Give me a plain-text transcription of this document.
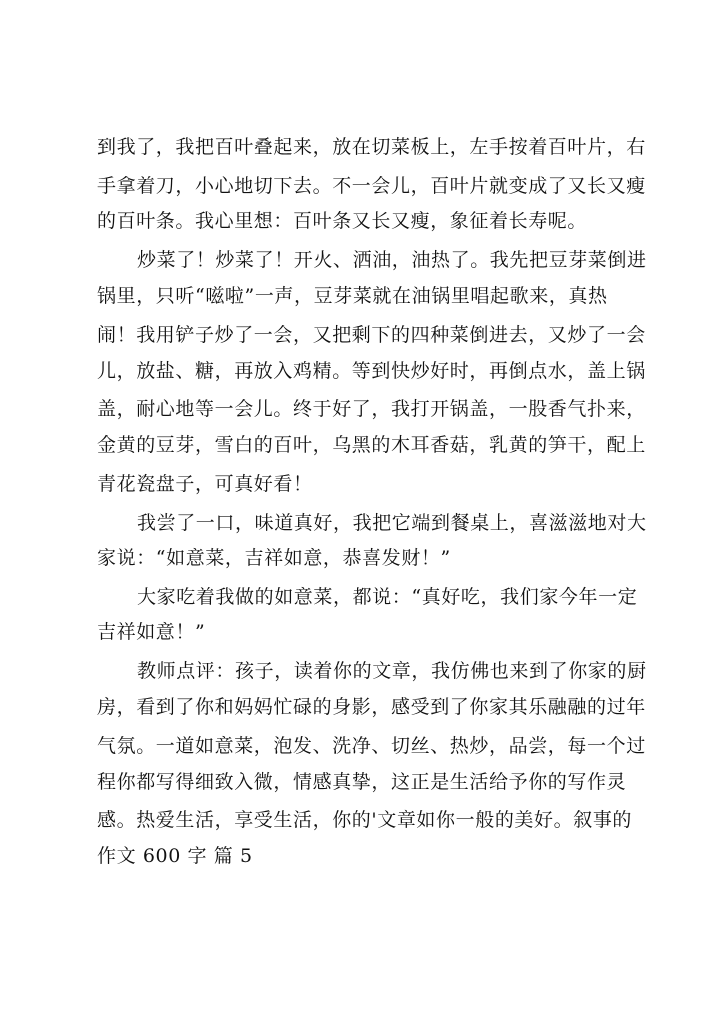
到我了，我把百叶叠起来，放在切菜板上，左手按着百叶片，右

手拿着刀，小心地切下去。不一会儿，百叶片就变成了又长又瘦

的百叶条。我心里想：百叶条又长又瘦，象征着长寿呢。

炒菜了！炒菜了！开火、洒油，油热了。我先把豆芽菜倒进

锅里，只听“嗞啦”一声，豆芽菜就在油锅里唱起歌来，真热

闹！我用铲子炒了一会，又把剩下的四种菜倒进去，又炒了一会

儿，放盐、糖，再放入鸡精。等到快炒好时，再倒点水，盖上锅

盖，耐心地等一会儿。终于好了，我打开锅盖，一股香气扑来，

金黄的豆芽，雪白的百叶，乌黑的木耳香菇，乳黄的笋干，配上

青花瓷盘子，可真好看！

我尝了一口，味道真好，我把它端到餐桌上，喜滋滋地对大

家说：“如意菜，吉祥如意，恭喜发财！”

大家吃着我做的如意菜，都说：“真好吃，我们家今年一定

吉祥如意！”

教师点评：孩子，读着你的文章，我仿佛也来到了你家的厨

房，看到了你和妈妈忙碌的身影，感受到了你家其乐融融的过年

气氛。一道如意菜，泡发、洗净、切丝、热炒，品尝，每一个过

程你都写得细致入微，情感真挚，这正是生活给予你的写作灵

感。热爱生活，享受生活，你的'文章如你一般的美好。叙事的

作文 600 字 篇 5
